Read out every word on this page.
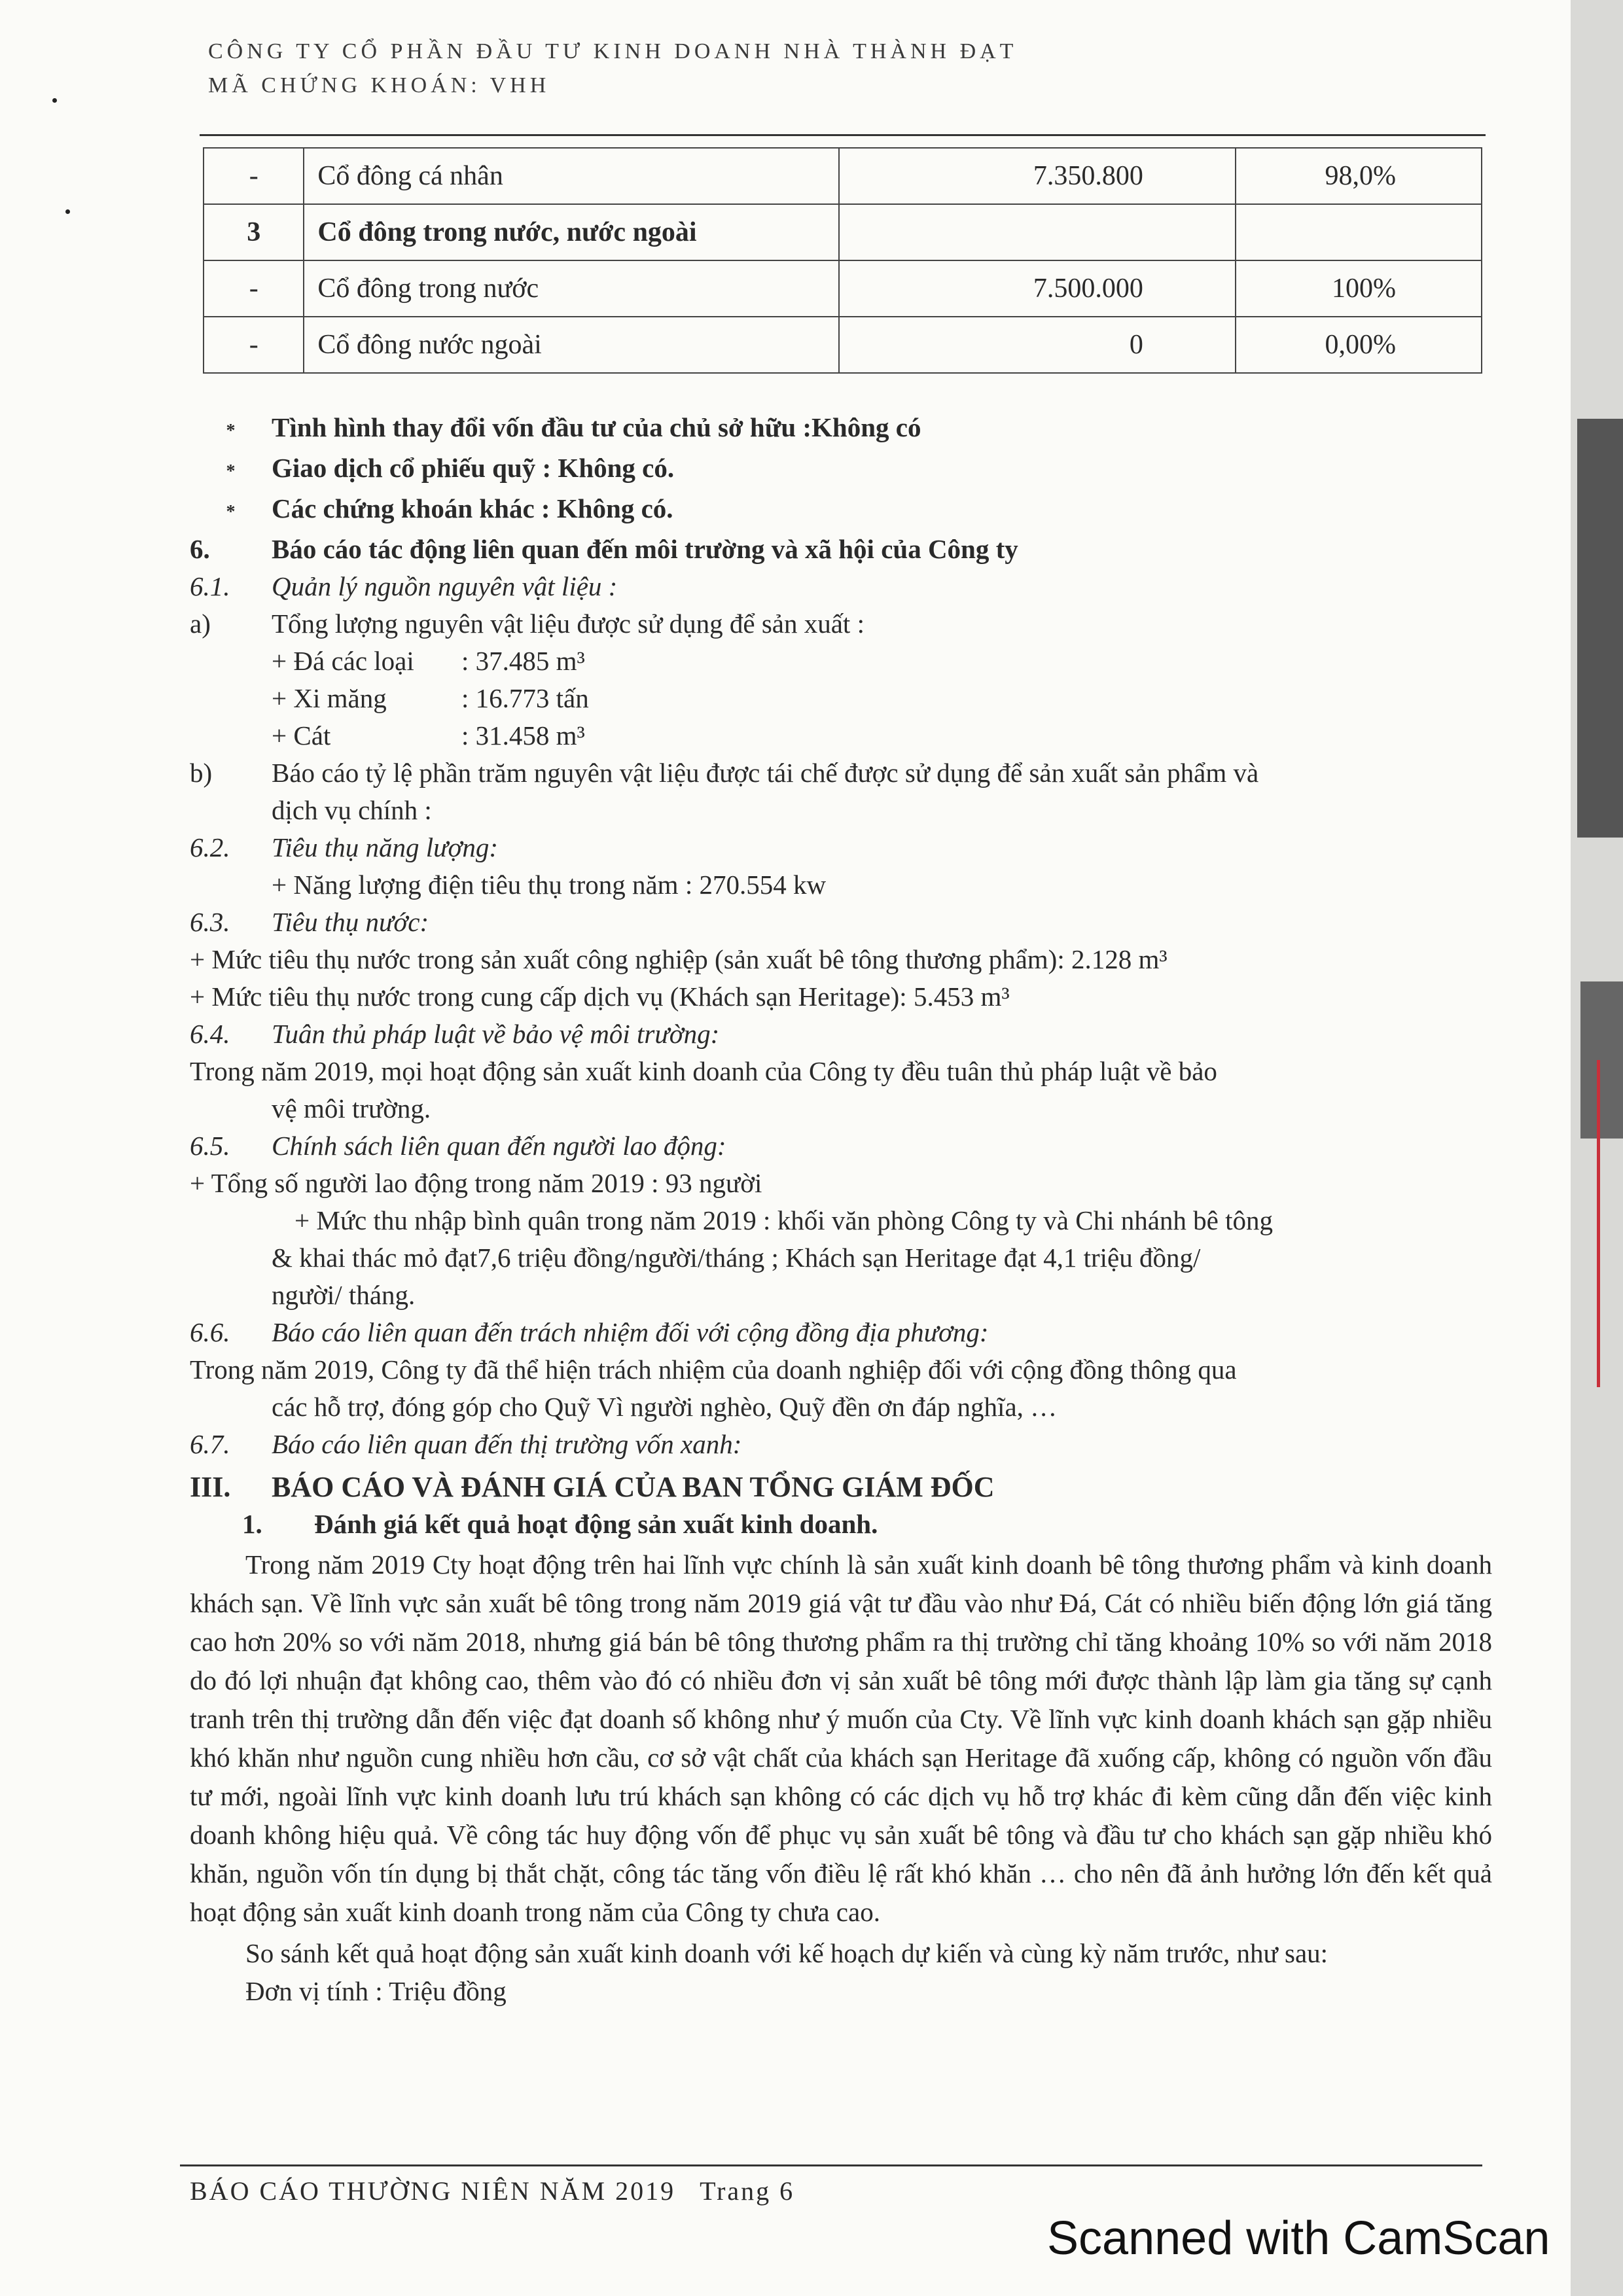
CÔNG TY CỔ PHẦN ĐẦU TƯ KINH DOANH NHÀ THÀNH ĐẠT
MÃ CHỨNG KHOÁN: VHH
-	Cổ đông cá nhân	7.350.800	98,0%
3	Cổ đông trong nước, nước ngoài		
-	Cổ đông trong nước	7.500.000	100%
-	Cổ đông nước ngoài	0	0,00%
*	Tình hình thay đổi vốn đầu tư của chủ sở hữu :Không có
*	Giao dịch cổ phiếu quỹ : Không có.
*	Các chứng khoán khác : Không có.
6.	Báo cáo tác động liên quan đến môi trường và xã hội của Công ty
6.1.	Quản lý nguồn nguyên vật liệu :
a)	Tổng lượng nguyên vật liệu được sử dụng để sản xuất :
+ Đá các loại	: 37.485 m³
+ Xi măng	: 16.773 tấn
+ Cát	: 31.458 m³
b)	Báo cáo tỷ lệ phần trăm nguyên vật liệu được tái chế được sử dụng để sản xuất sản phẩm và
dịch vụ chính :
6.2.	Tiêu thụ năng lượng:
+ Năng lượng điện tiêu thụ trong năm : 270.554 kw
6.3.	Tiêu thụ nước:
+ Mức tiêu thụ nước trong sản xuất công nghiệp (sản xuất bê tông thương phẩm): 2.128 m³
+ Mức tiêu thụ nước trong cung cấp dịch vụ (Khách sạn Heritage): 5.453 m³
6.4.	Tuân thủ pháp luật về bảo vệ môi trường:
Trong năm 2019, mọi hoạt động sản xuất kinh doanh của Công ty đều tuân thủ pháp luật về bảo
vệ môi trường.
6.5.	Chính sách liên quan đến người lao động:
+ Tổng số người lao động trong năm 2019 : 93 người
+ Mức thu nhập bình quân trong năm 2019 : khối văn phòng Công ty và Chi nhánh bê tông
& khai thác mỏ đạt7,6 triệu đồng/người/tháng ; Khách sạn Heritage đạt 4,1 triệu đồng/
người/ tháng.
6.6.	Báo cáo liên quan đến trách nhiệm đối với cộng đồng địa phương:
Trong năm 2019, Công ty đã thể hiện trách nhiệm của doanh nghiệp đối với cộng đồng thông qua
các hỗ trợ, đóng góp cho Quỹ Vì người nghèo, Quỹ đền ơn đáp nghĩa, …
6.7.	Báo cáo liên quan đến thị trường vốn xanh:
III.	BÁO CÁO VÀ ĐÁNH GIÁ CỦA BAN TỔNG GIÁM ĐỐC
1.	Đánh giá kết quả hoạt động sản xuất kinh doanh.
Trong năm 2019 Cty hoạt động trên hai lĩnh vực chính là sản xuất kinh doanh bê tông thương phẩm và kinh doanh khách sạn. Về lĩnh vực sản xuất bê tông trong năm 2019 giá vật tư đầu vào như Đá, Cát có nhiều biến động lớn giá tăng cao hơn 20% so với năm 2018, nhưng giá bán bê tông thương phẩm ra thị trường chỉ tăng khoảng 10% so với năm 2018 do đó lợi nhuận đạt không cao, thêm vào đó có nhiều đơn vị sản xuất bê tông mới được thành lập làm gia tăng sự cạnh tranh trên thị trường dẫn đến việc đạt doanh số không như ý muốn của Cty. Về lĩnh vực kinh doanh khách sạn gặp nhiều khó khăn như nguồn cung nhiều hơn cầu, cơ sở vật chất của khách sạn Heritage đã xuống cấp, không có nguồn vốn đầu tư mới, ngoài lĩnh vực kinh doanh lưu trú khách sạn không có các dịch vụ hỗ trợ khác đi kèm cũng dẫn đến việc kinh doanh không hiệu quả. Về công tác huy động vốn để phục vụ sản xuất bê tông và đầu tư cho khách sạn gặp nhiều khó khăn, nguồn vốn tín dụng bị thắt chặt, công tác tăng vốn điều lệ rất khó khăn … cho nên đã ảnh hưởng lớn đến kết quả hoạt động sản xuất kinh doanh trong năm của Công ty chưa cao.
So sánh kết quả hoạt động sản xuất kinh doanh với kế hoạch dự kiến và cùng kỳ năm trước, như sau:
Đơn vị tính : Triệu đồng
BÁO CÁO THƯỜNG NIÊN NĂM 2019 Trang 6
Scanned with CamScan
